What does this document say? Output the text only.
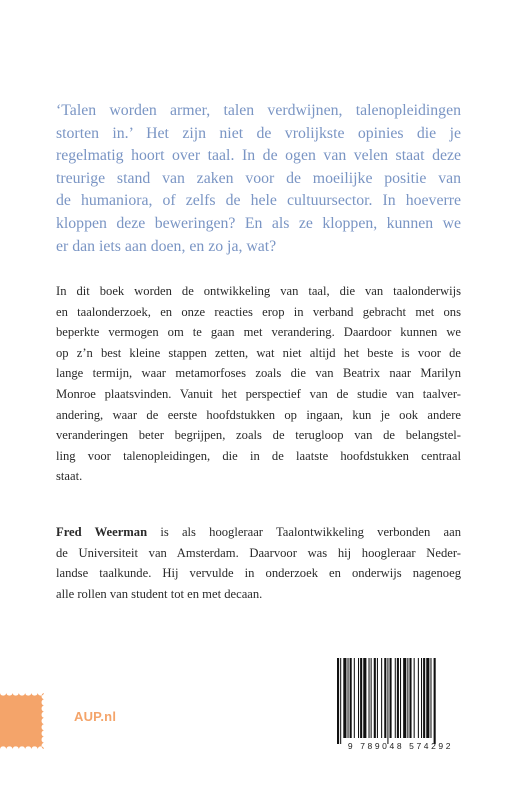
‘Talen worden armer, talen verdwijnen, talenopleidingen
storten in.’ Het zijn niet de vrolijkste opinies die je
regelmatig hoort over taal. In de ogen van velen staat deze
treurige stand van zaken voor de moeilijke positie van
de humaniora, of zelfs de hele cultuursector. In hoeverre
kloppen deze beweringen? En als ze kloppen, kunnen we
er dan iets aan doen, en zo ja, wat?

In dit boek worden de ontwikkeling van taal, die van taalonderwijs
en taalonderzoek, en onze reacties erop in verband gebracht met ons
beperkte vermogen om te gaan met verandering. Daardoor kunnen we
op z’n best kleine stappen zetten, wat niet altijd het beste is voor de
lange termijn, waar metamorfoses zoals die van Beatrix naar Marilyn
Monroe plaatsvinden. Vanuit het perspectief van de studie van taalver-
andering, waar de eerste hoofdstukken op ingaan, kun je ook andere
veranderingen beter begrijpen, zoals de terugloop van de belangstel-
ling voor talenopleidingen, die in de laatste hoofdstukken centraal
staat.

Fred Weerman is als hoogleraar Taalontwikkeling verbonden aan
de Universiteit van Amsterdam. Daarvoor was hij hoogleraar Neder-
landse taalkunde. Hij vervulde in onderzoek en onderwijs nagenoeg
alle rollen van student tot en met decaan.

AUP.nl
9 789048 574292
